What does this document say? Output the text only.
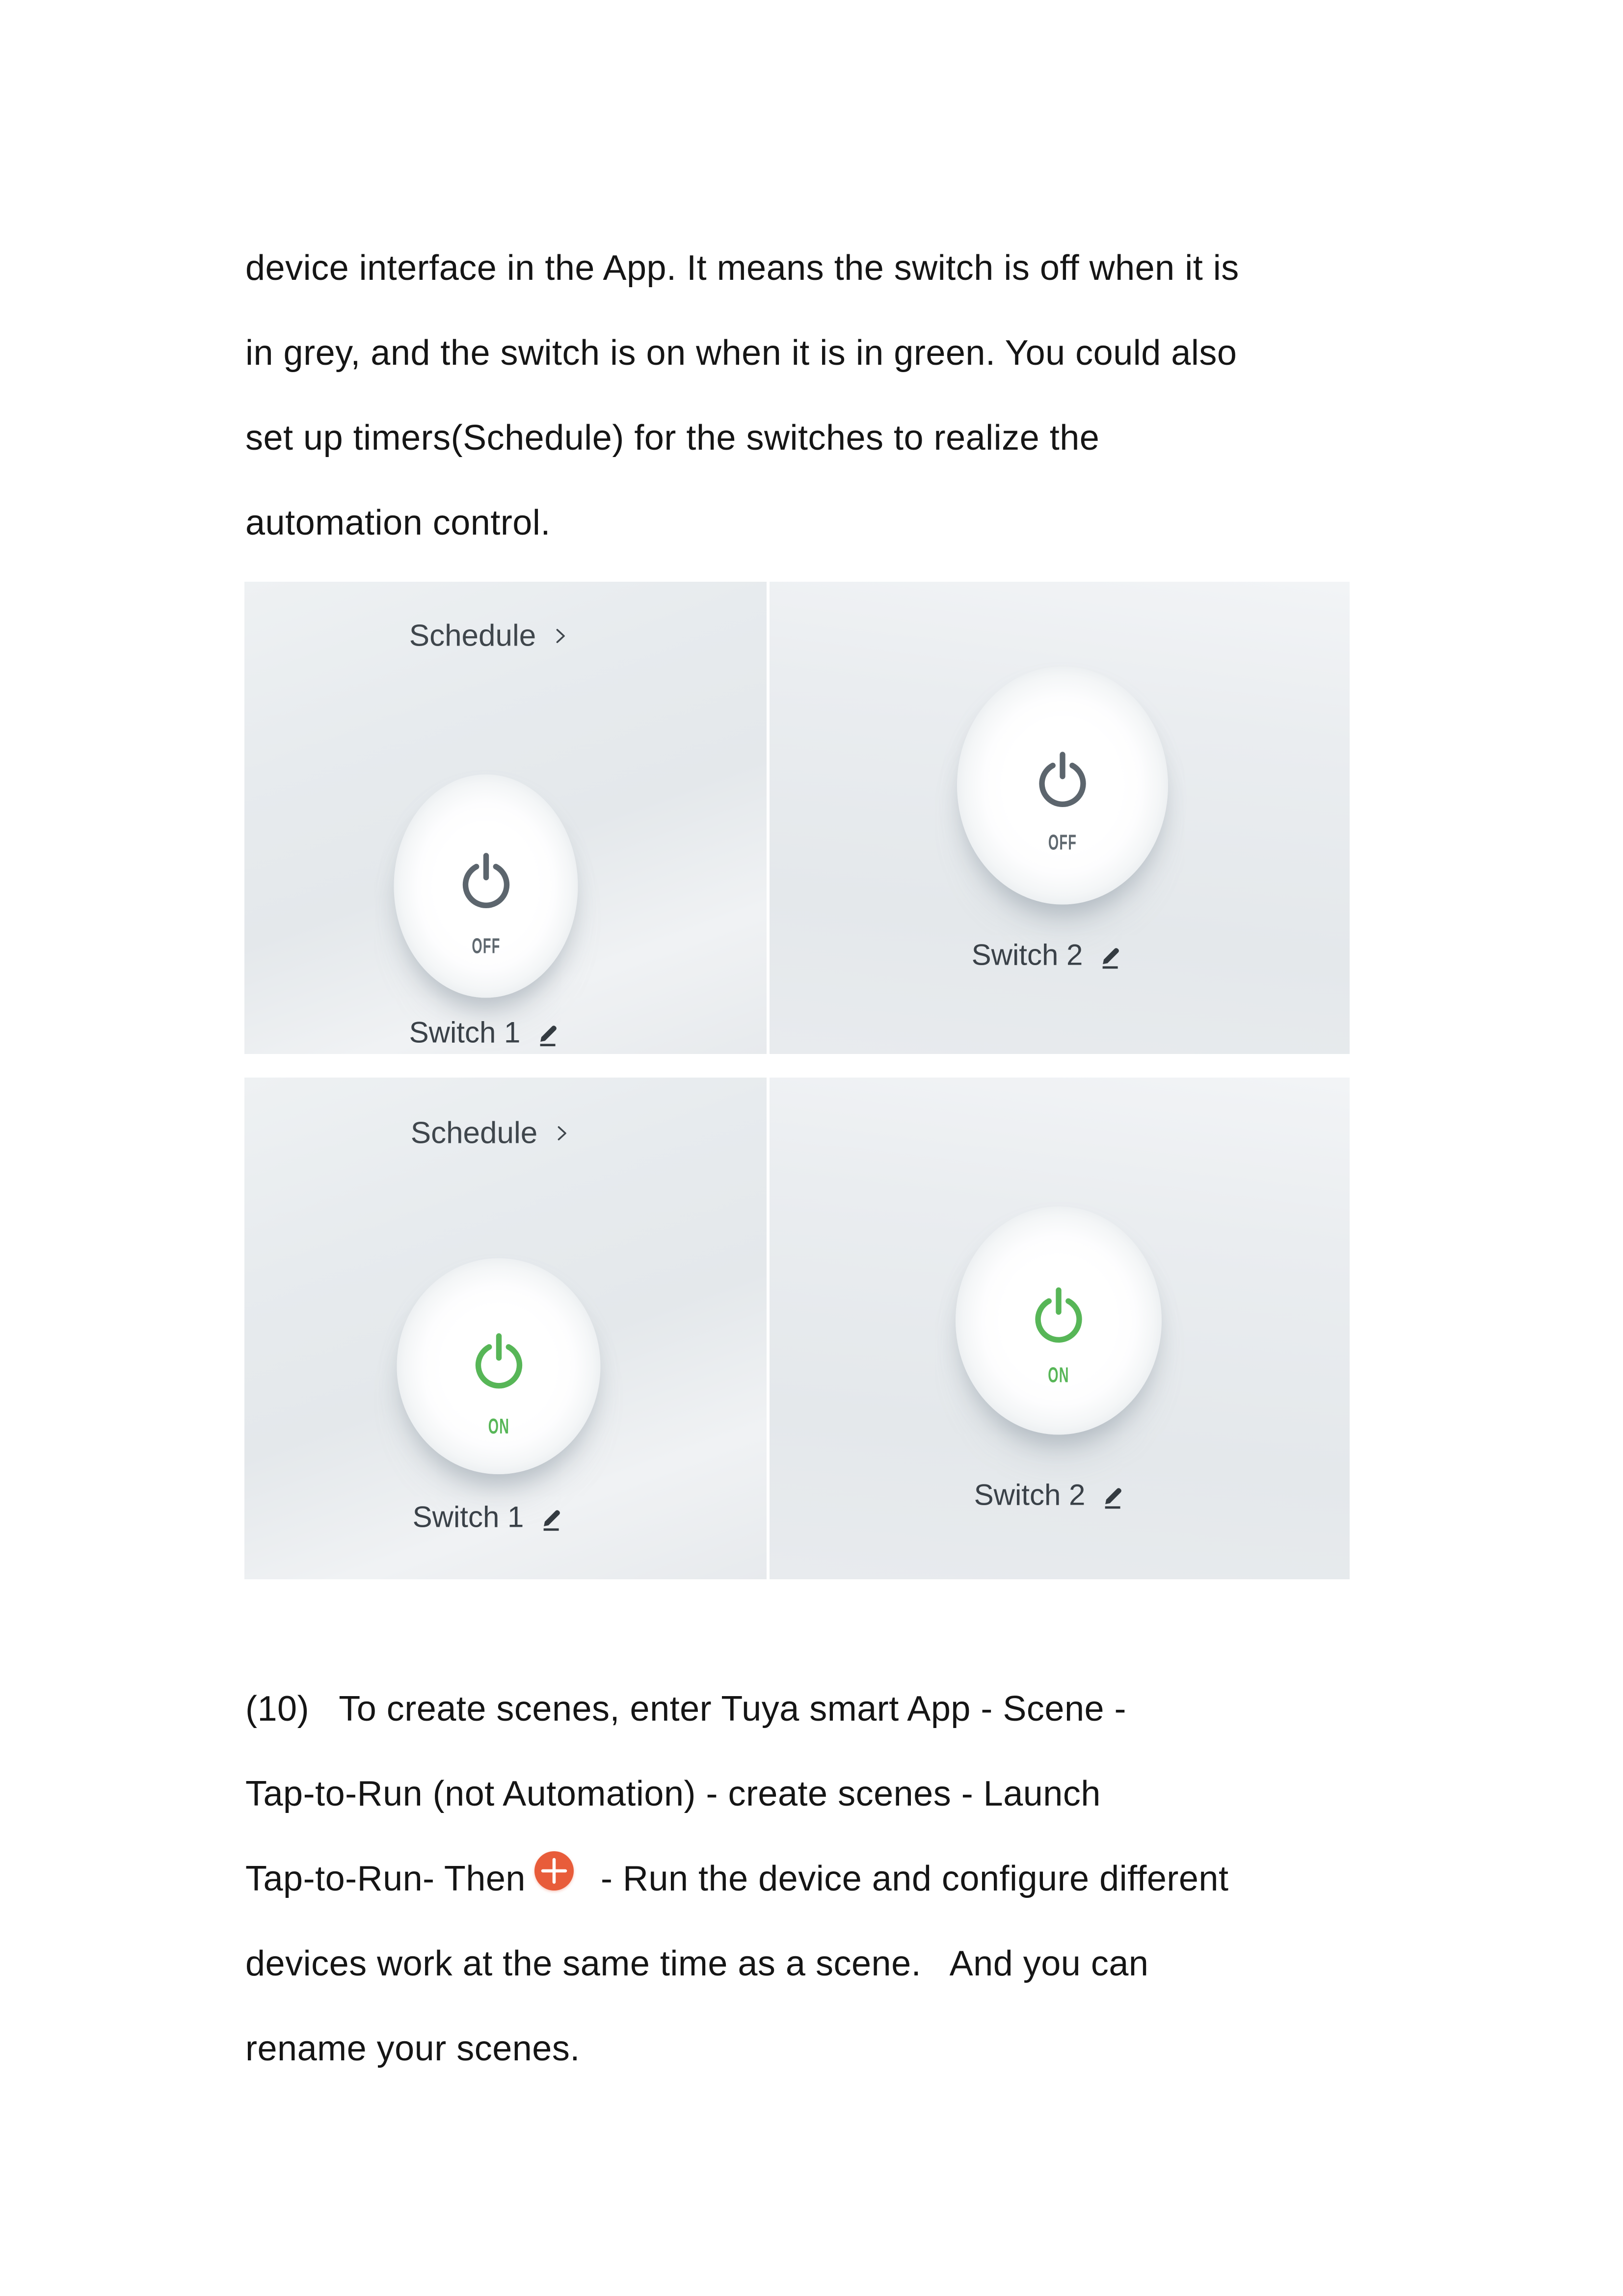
device interface in the App. It means the switch is off when it is
in grey, and the switch is on when it is in green. You could also
set up timers(Schedule) for the switches to realize the
automation control.
Schedule
OFF
Switch 1
OFF
Switch 2
Schedule
ON
Switch 1
ON
Switch 2
(10)   To create scenes, enter Tuya smart App - Scene -
Tap-to-Run (not Automation) - create scenes - Launch
Tap-to-Run- Then - Run the device and configure different
devices work at the same time as a scene.   And you can
rename your scenes.
